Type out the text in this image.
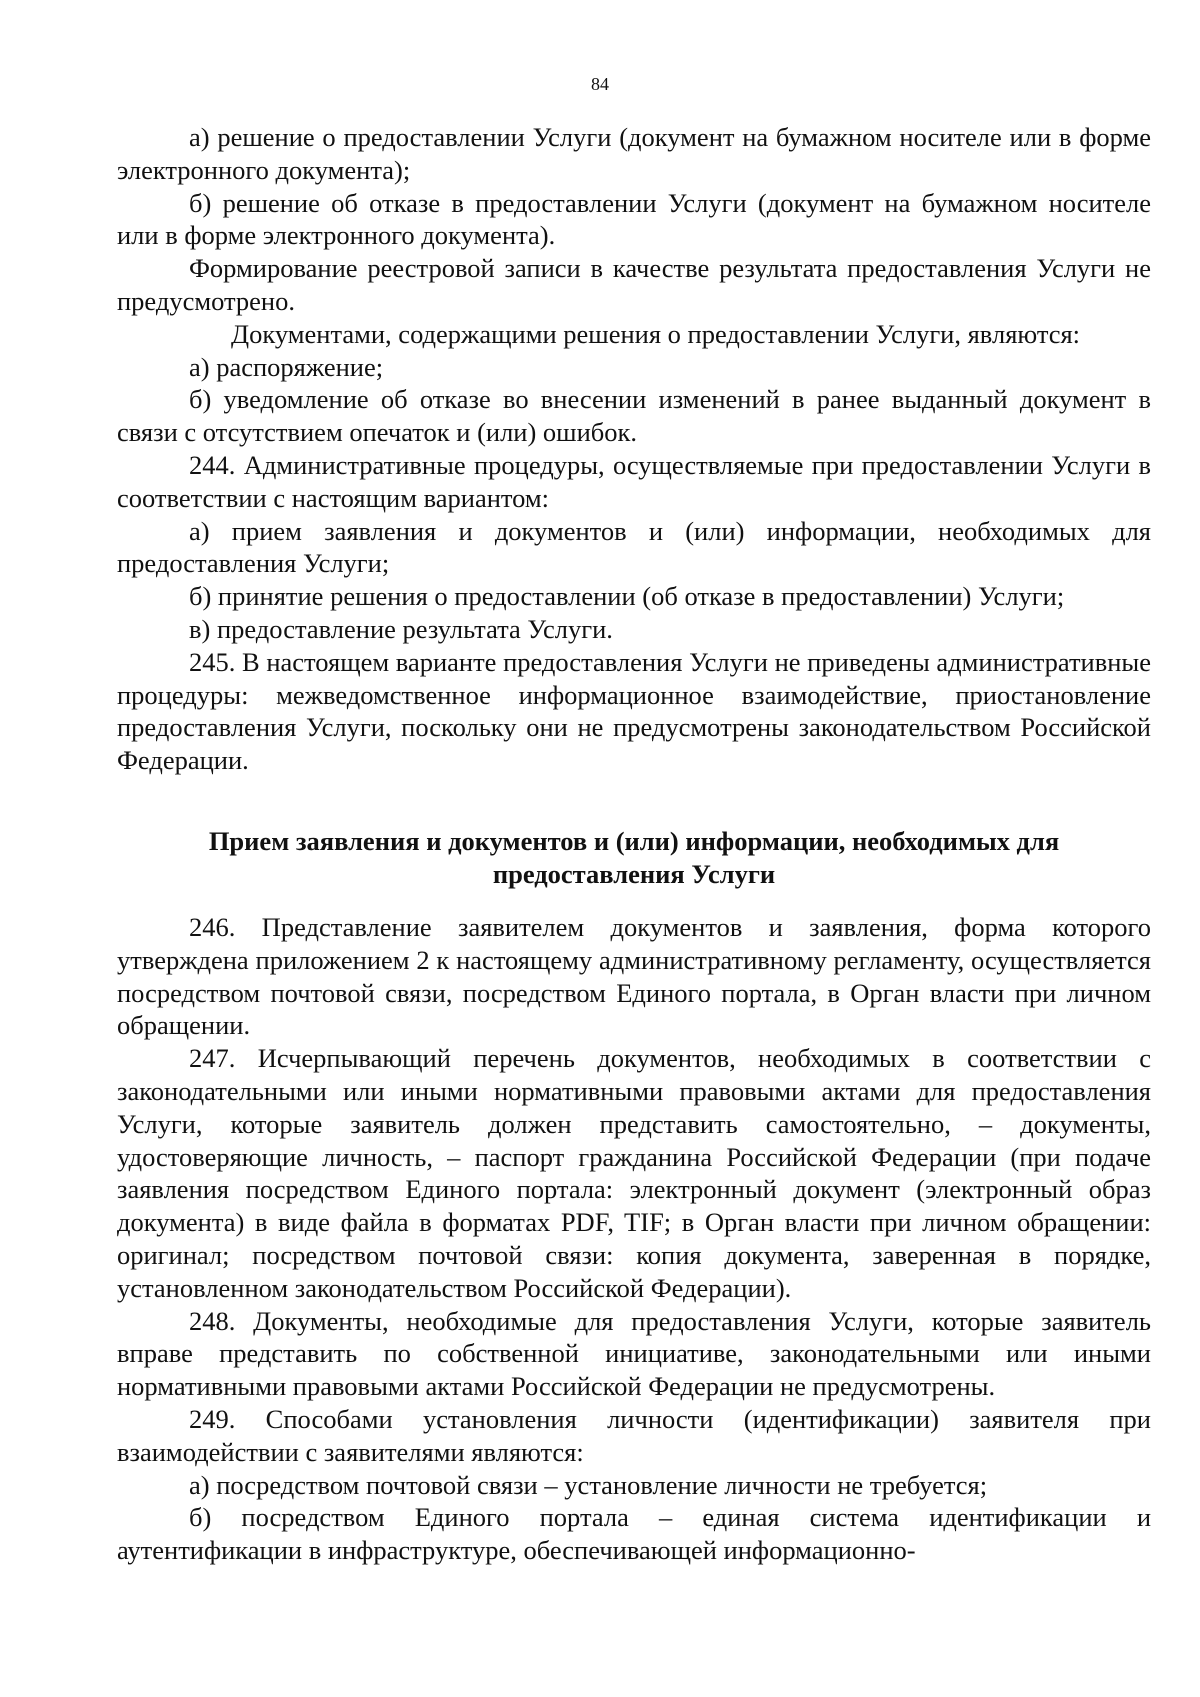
84

а) решение о предоставлении Услуги (документ на бумажном носителе или в форме электронного документа);

б) решение об отказе в предоставлении Услуги (документ на бумажном носителе или в форме электронного документа).

Формирование реестровой записи в качестве результата предоставления Услуги не предусмотрено.

Документами, содержащими решения о предоставлении Услуги, являются:

а) распоряжение;

б) уведомление об отказе во внесении изменений в ранее выданный документ в связи с отсутствием опечаток и (или) ошибок.

244. Административные процедуры, осуществляемые при предоставлении Услуги в соответствии с настоящим вариантом:

а) прием заявления и документов и (или) информации, необходимых для предоставления Услуги;

б) принятие решения о предоставлении (об отказе в предоставлении) Услуги;

в) предоставление результата Услуги.

245. В настоящем варианте предоставления Услуги не приведены административные процедуры: межведомственное информационное взаимодействие, приостановление предоставления Услуги, поскольку они не предусмотрены законодательством Российской Федерации.

Прием заявления и документов и (или) информации, необходимых для
предоставления Услуги

246. Представление заявителем документов и заявления, форма которого утверждена приложением 2 к настоящему административному регламенту, осуществляется посредством почтовой связи, посредством Единого портала, в Орган власти при личном обращении.

247. Исчерпывающий перечень документов, необходимых в соответствии с законодательными или иными нормативными правовыми актами для предоставления Услуги, которые заявитель должен представить самостоятельно, – документы, удостоверяющие личность, – паспорт гражданина Российской Федерации (при подаче заявления посредством Единого портала: электронный документ (электронный образ документа) в виде файла в форматах PDF, TIF; в Орган власти при личном обращении: оригинал; посредством почтовой связи: копия документа, заверенная в порядке, установленном законодательством Российской Федерации).

248. Документы, необходимые для предоставления Услуги, которые заявитель вправе представить по собственной инициативе, законодательными или иными нормативными правовыми актами Российской Федерации не предусмотрены.

249. Способами установления личности (идентификации) заявителя при взаимодействии с заявителями являются:

а) посредством почтовой связи – установление личности не требуется;

б) посредством Единого портала – единая система идентификации и аутентификации в инфраструктуре, обеспечивающей информационно-
